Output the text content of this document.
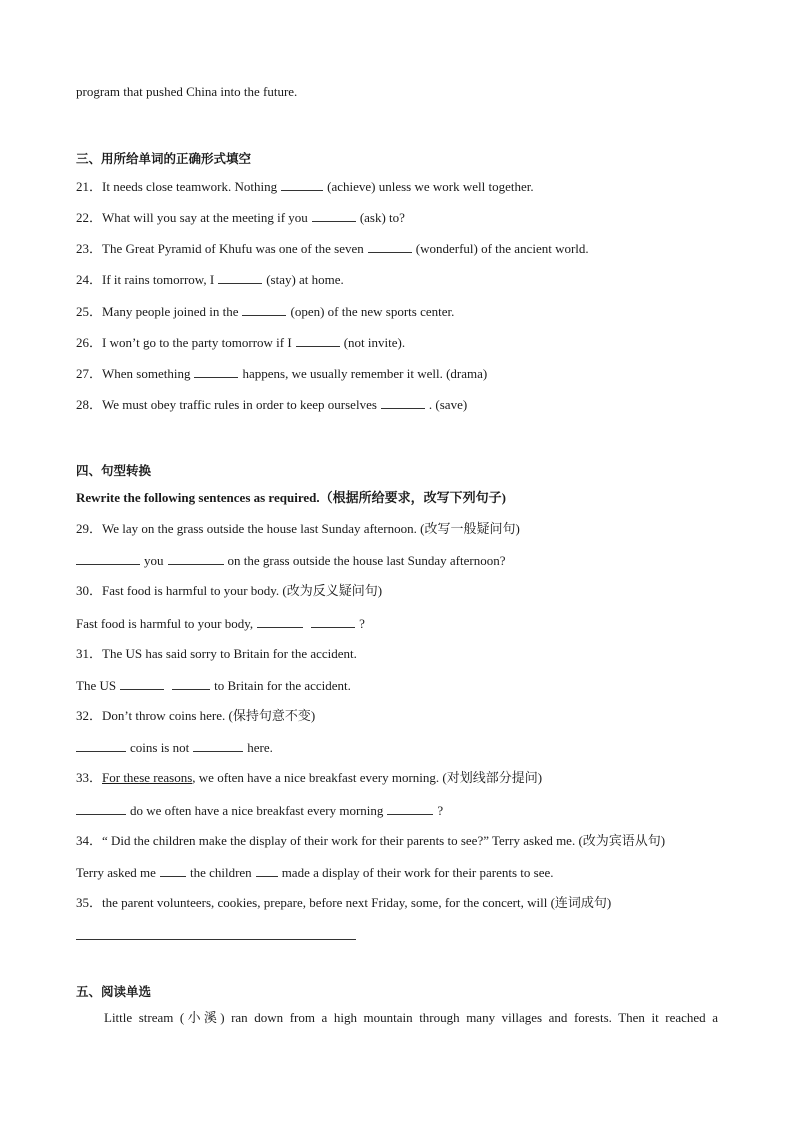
program that pushed China into the future.
三、用所给单词的正确形式填空
21．It needs close teamwork. Nothing	(achieve) unless we work well together.
22．What will you say at the meeting if you	(ask) to?
23．The Great Pyramid of Khufu was one of the seven	(wonderful) of the ancient world.
24．If it rains tomorrow, I	(stay) at home.
25．Many people joined in the	(open) of the new sports center.
26．I won’t go to the party tomorrow if I	(not invite).
27．When something	happens, we usually remember it well. (drama)
28．We must obey traffic rules in order to keep ourselves	. (save)
四、句型转换
Rewrite the following sentences as required.（根据所给要求，改写下列句子)
29．We lay on the grass outside the house last Sunday afternoon. (改写一般疑问句)
you	on the grass outside the house last Sunday afternoon?
30．Fast food is harmful to your body. (改为反义疑问句)
Fast food is harmful to your body,	?
31．The US has said sorry to Britain for the accident.
The US	to Britain for the accident.
32．Don’t throw coins here. (保持句意不变)
coins is not	here.
33．For these reasons, we often have a nice breakfast every morning. (对划线部分提问)
do we often have a nice breakfast every morning	?
34．“ Did the children make the display of their work for their parents to see?” Terry asked me. (改为宾语从句)
Terry asked me	the children made a display of their work for their parents to see.
35．the parent volunteers, cookies, prepare, before next Friday, some, for the concert, will (连词成句)
五、阅读单选
Little stream (小溪) ran down from a high mountain through many villages and forests. Then it reached a
